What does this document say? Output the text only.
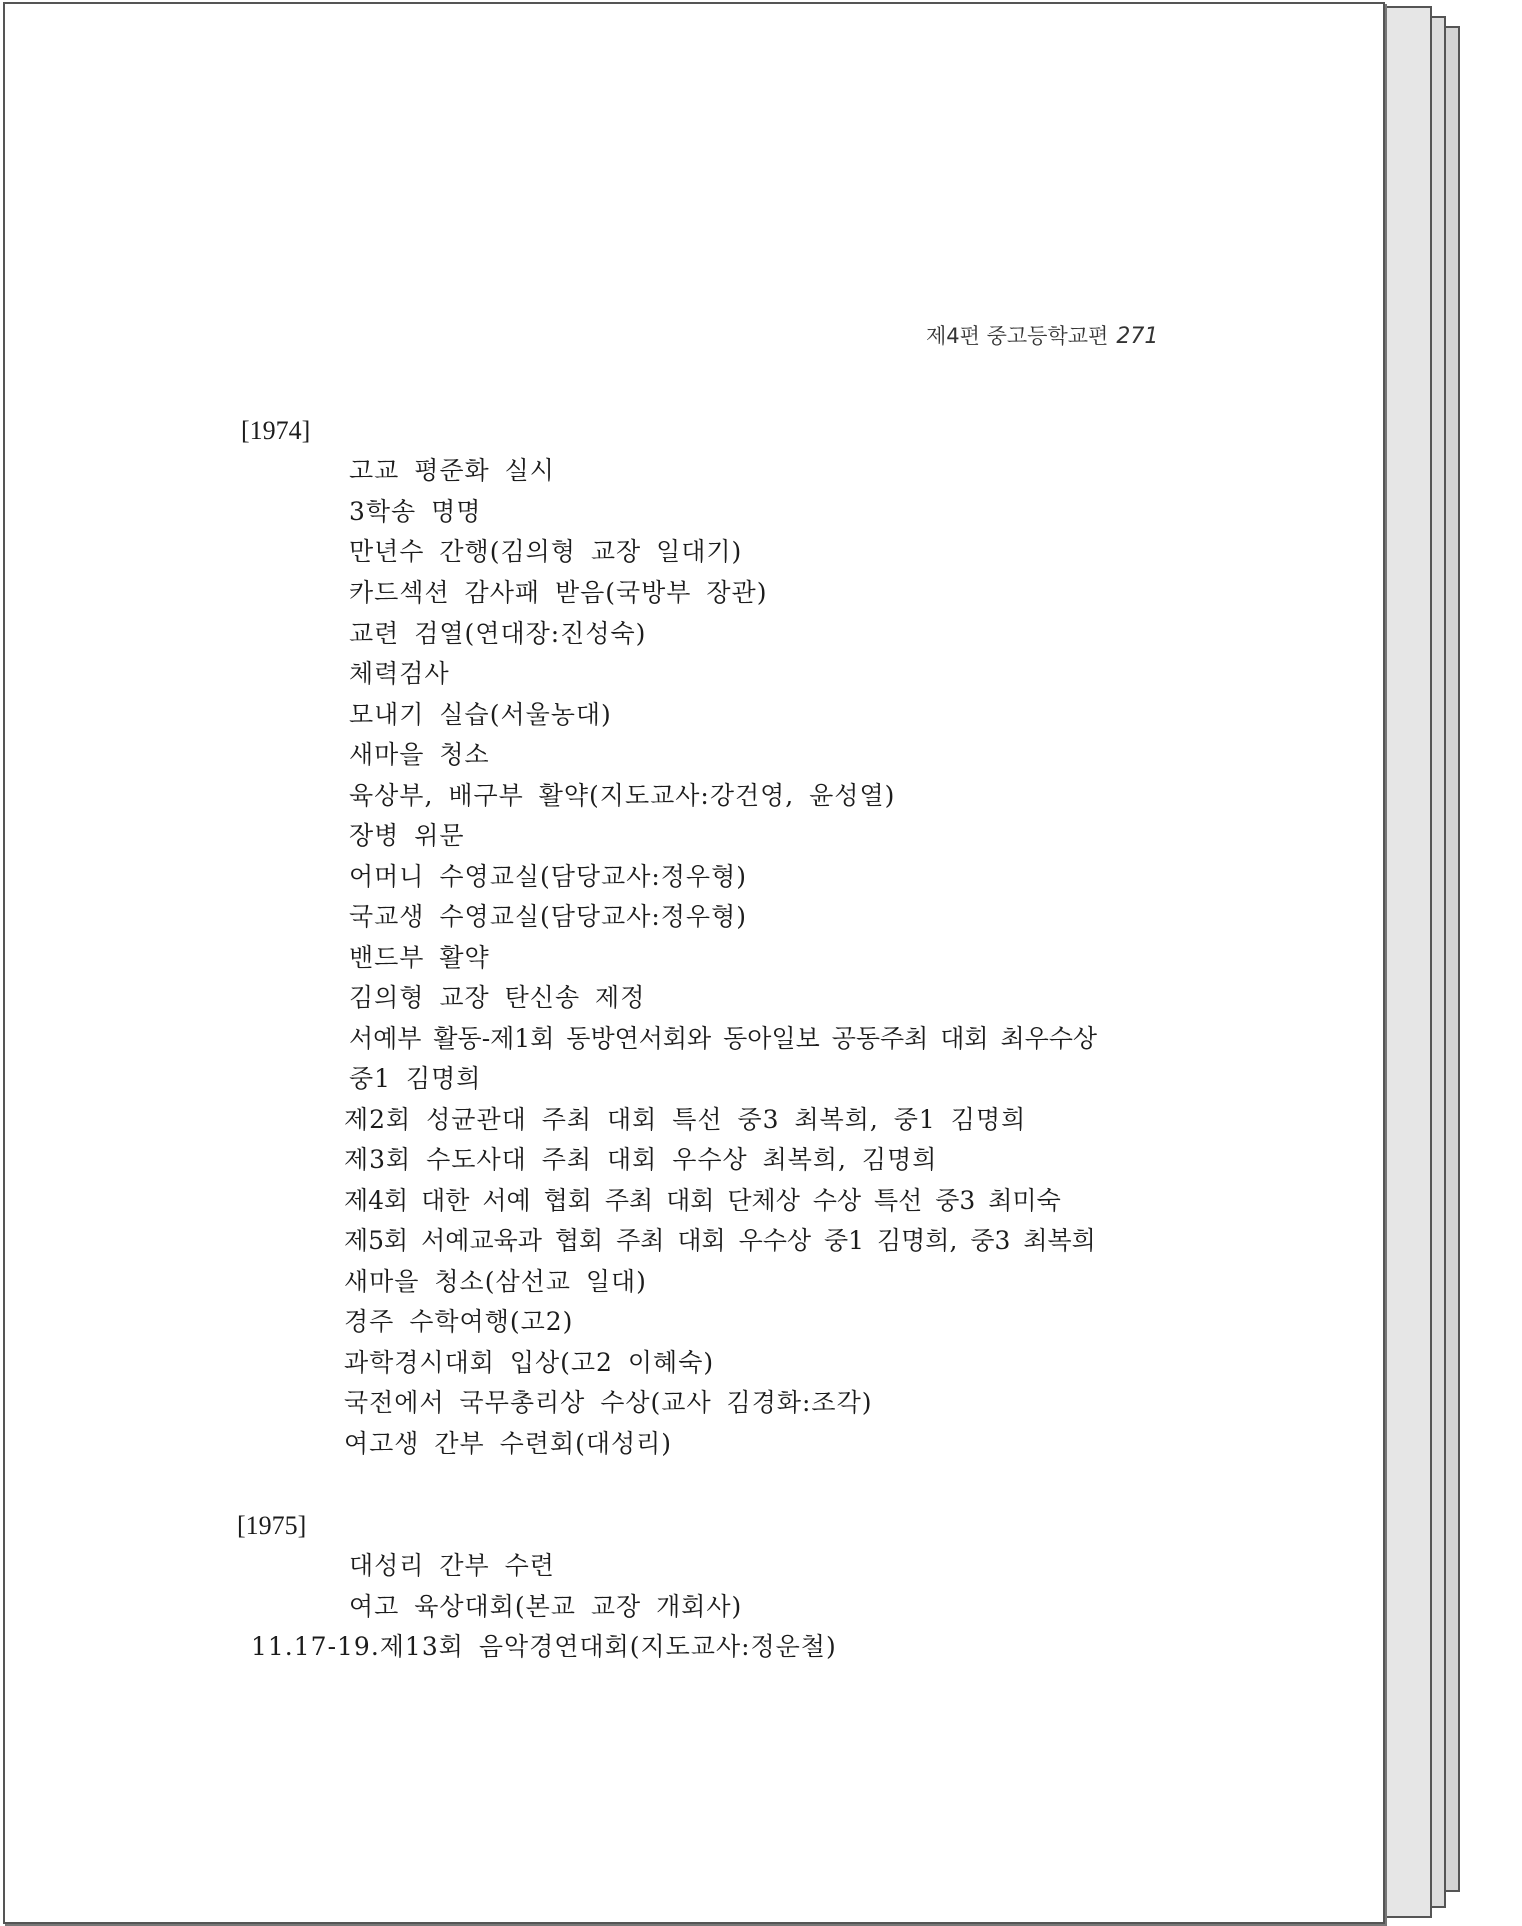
제4편 중고등학교편 271
[1974]
고교 평준화 실시
3학송 명명
만년수 간행(김의형 교장 일대기)
카드섹션 감사패 받음(국방부 장관)
교련 검열(연대장:진성숙)
체력검사
모내기 실습(서울농대)
새마을 청소
육상부, 배구부 활약(지도교사:강건영, 윤성열)
장병 위문
어머니 수영교실(담당교사:정우형)
국교생 수영교실(담당교사:정우형)
밴드부 활약
김의형 교장 탄신송 제정
서예부 활동-제1회 동방연서회와 동아일보 공동주최 대회 최우수상
중1 김명희
제2회 성균관대 주최 대회 특선 중3 최복희, 중1 김명희
제3회 수도사대 주최 대회 우수상 최복희, 김명희
제4회 대한 서예 협회 주최 대회 단체상 수상 특선 중3 최미숙
제5회 서예교육과 협회 주최 대회 우수상 중1 김명희, 중3 최복희
새마을 청소(삼선교 일대)
경주 수학여행(고2)
과학경시대회 입상(고2 이혜숙)
국전에서 국무총리상 수상(교사 김경화:조각)
여고생 간부 수련회(대성리)
[1975]
대성리 간부 수련
여고 육상대회(본교 교장 개회사)
11.17-19.제13회 음악경연대회(지도교사:정운철)
